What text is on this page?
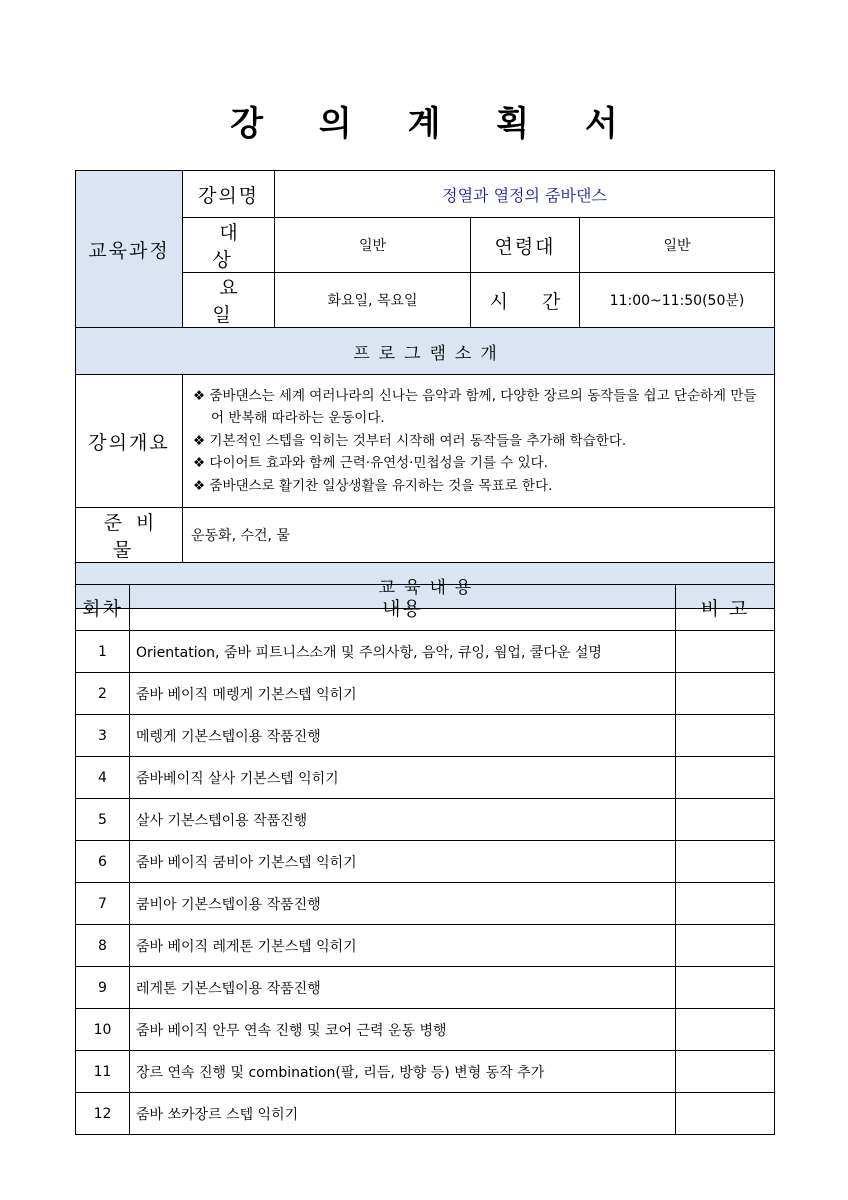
강 의 계 획 서
교육과정	강의명	정열과 열정의 줌바댄스		
	대 상	일반	연령대	일반
	요 일	화요일, 목요일	시 간	11:00~11:50(50분)
프로그램소개				
강의개요	❖ 줌바댄스는 세계 여러나라의 신나는 음악과 함께, 다양한 장르의 동작들을 쉽고 단순하게 만들어 반복해 따라하는 운동이다.
❖ 기본적인 스텝을 익히는 것부터 시작해 여러 동작들을 추가해 학습한다.
❖ 다이어트 효과와 함께 근력·유연성·민첩성을 기를 수 있다.
❖ 줌바댄스로 활기찬 일상생활을 유지하는 것을 목표로 한다.			

준비물	운동화, 수건, 물			
교육내용				
회차	내용	비 고
1	Orientation, 줌바 피트니스소개 및 주의사항, 음악, 큐잉, 웜업, 쿨다운 설명	
2	줌바 베이직 메렝게 기본스텝 익히기	
3	메렝게 기본스텝이용 작품진행	
4	줌바베이직 살사 기본스텝 익히기	
5	살사 기본스텝이용 작품진행	
6	줌바 베이직 쿰비아 기본스텝 익히기	
7	쿰비아 기본스텝이용 작품진행	
8	줌바 베이직 레게톤 기본스텝 익히기	
9	레게톤 기본스텝이용 작품진행	
10	줌바 베이직 안무 연속 진행 및 코어 근력 운동 병행	
11	장르 연속 진행 및 combination(팔, 리듬, 방향 등) 변형 동작 추가	
12	줌바 쏘카장르 스텝 익히기	
